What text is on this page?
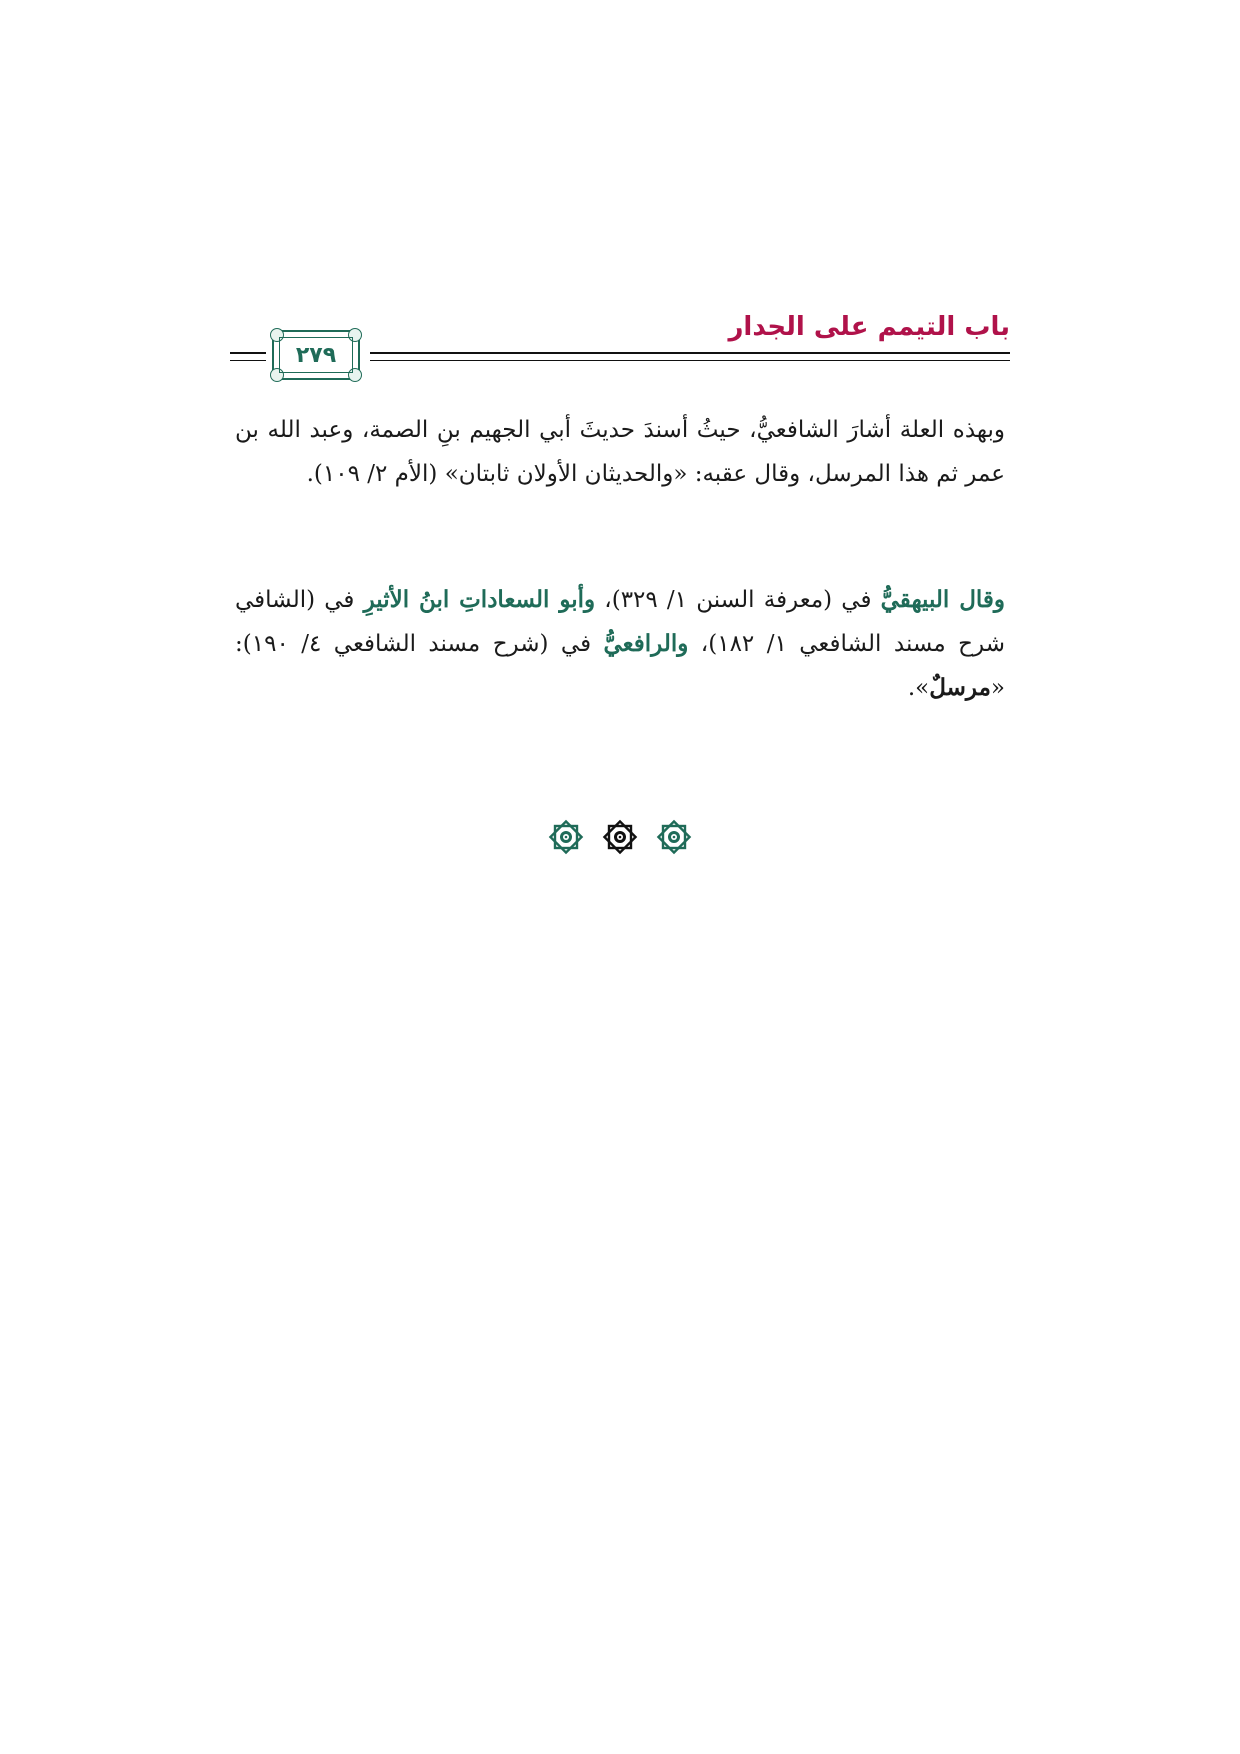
باب التيمم على الجدار
٢٧٩

وبهذه العلة أشارَ الشافعيُّ، حيثُ أسندَ حديثَ أبي الجهيم بنِ الصمة، وعبد الله بن عمر ثم هذا المرسل، وقال عقبه: «والحديثان الأولان ثابتان» (الأم ٢/ ١٠٩).

وقال البيهقيُّ في (معرفة السنن ١/ ٣٢٩)، وأبو السعاداتِ ابنُ الأثيرِ في (الشافي شرح مسند الشافعي ١/ ١٨٢)، والرافعيُّ في (شرح مسند الشافعي ٤/ ١٩٠): «مرسلٌ».
